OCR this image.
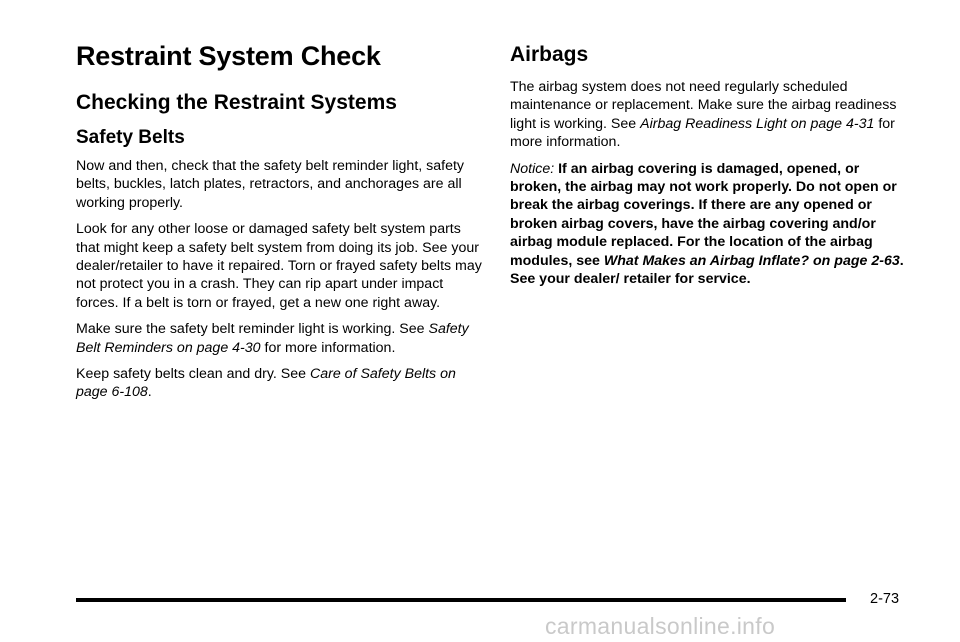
Restraint System Check
Checking the Restraint Systems
Safety Belts

Now and then, check that the safety belt reminder light, safety belts, buckles, latch plates, retractors, and anchorages are all working properly.

Look for any other loose or damaged safety belt system parts that might keep a safety belt system from doing its job. See your dealer/retailer to have it repaired. Torn or frayed safety belts may not protect you in a crash. They can rip apart under impact forces. If a belt is torn or frayed, get a new one right away.

Make sure the safety belt reminder light is working. See Safety Belt Reminders on page 4‑30 for more information.

Keep safety belts clean and dry. See Care of Safety Belts on page 6‑108.

Airbags

The airbag system does not need regularly scheduled maintenance or replacement. Make sure the airbag readiness light is working. See Airbag Readiness Light on page 4‑31 for more information.

Notice: If an airbag covering is damaged, opened, or broken, the airbag may not work properly. Do not open or break the airbag coverings. If there are any opened or broken airbag covers, have the airbag covering and/or airbag module replaced. For the location of the airbag modules, see What Makes an Airbag Inflate? on page 2‑63. See your dealer/ retailer for service.

2-73
carmanualsonline.info
